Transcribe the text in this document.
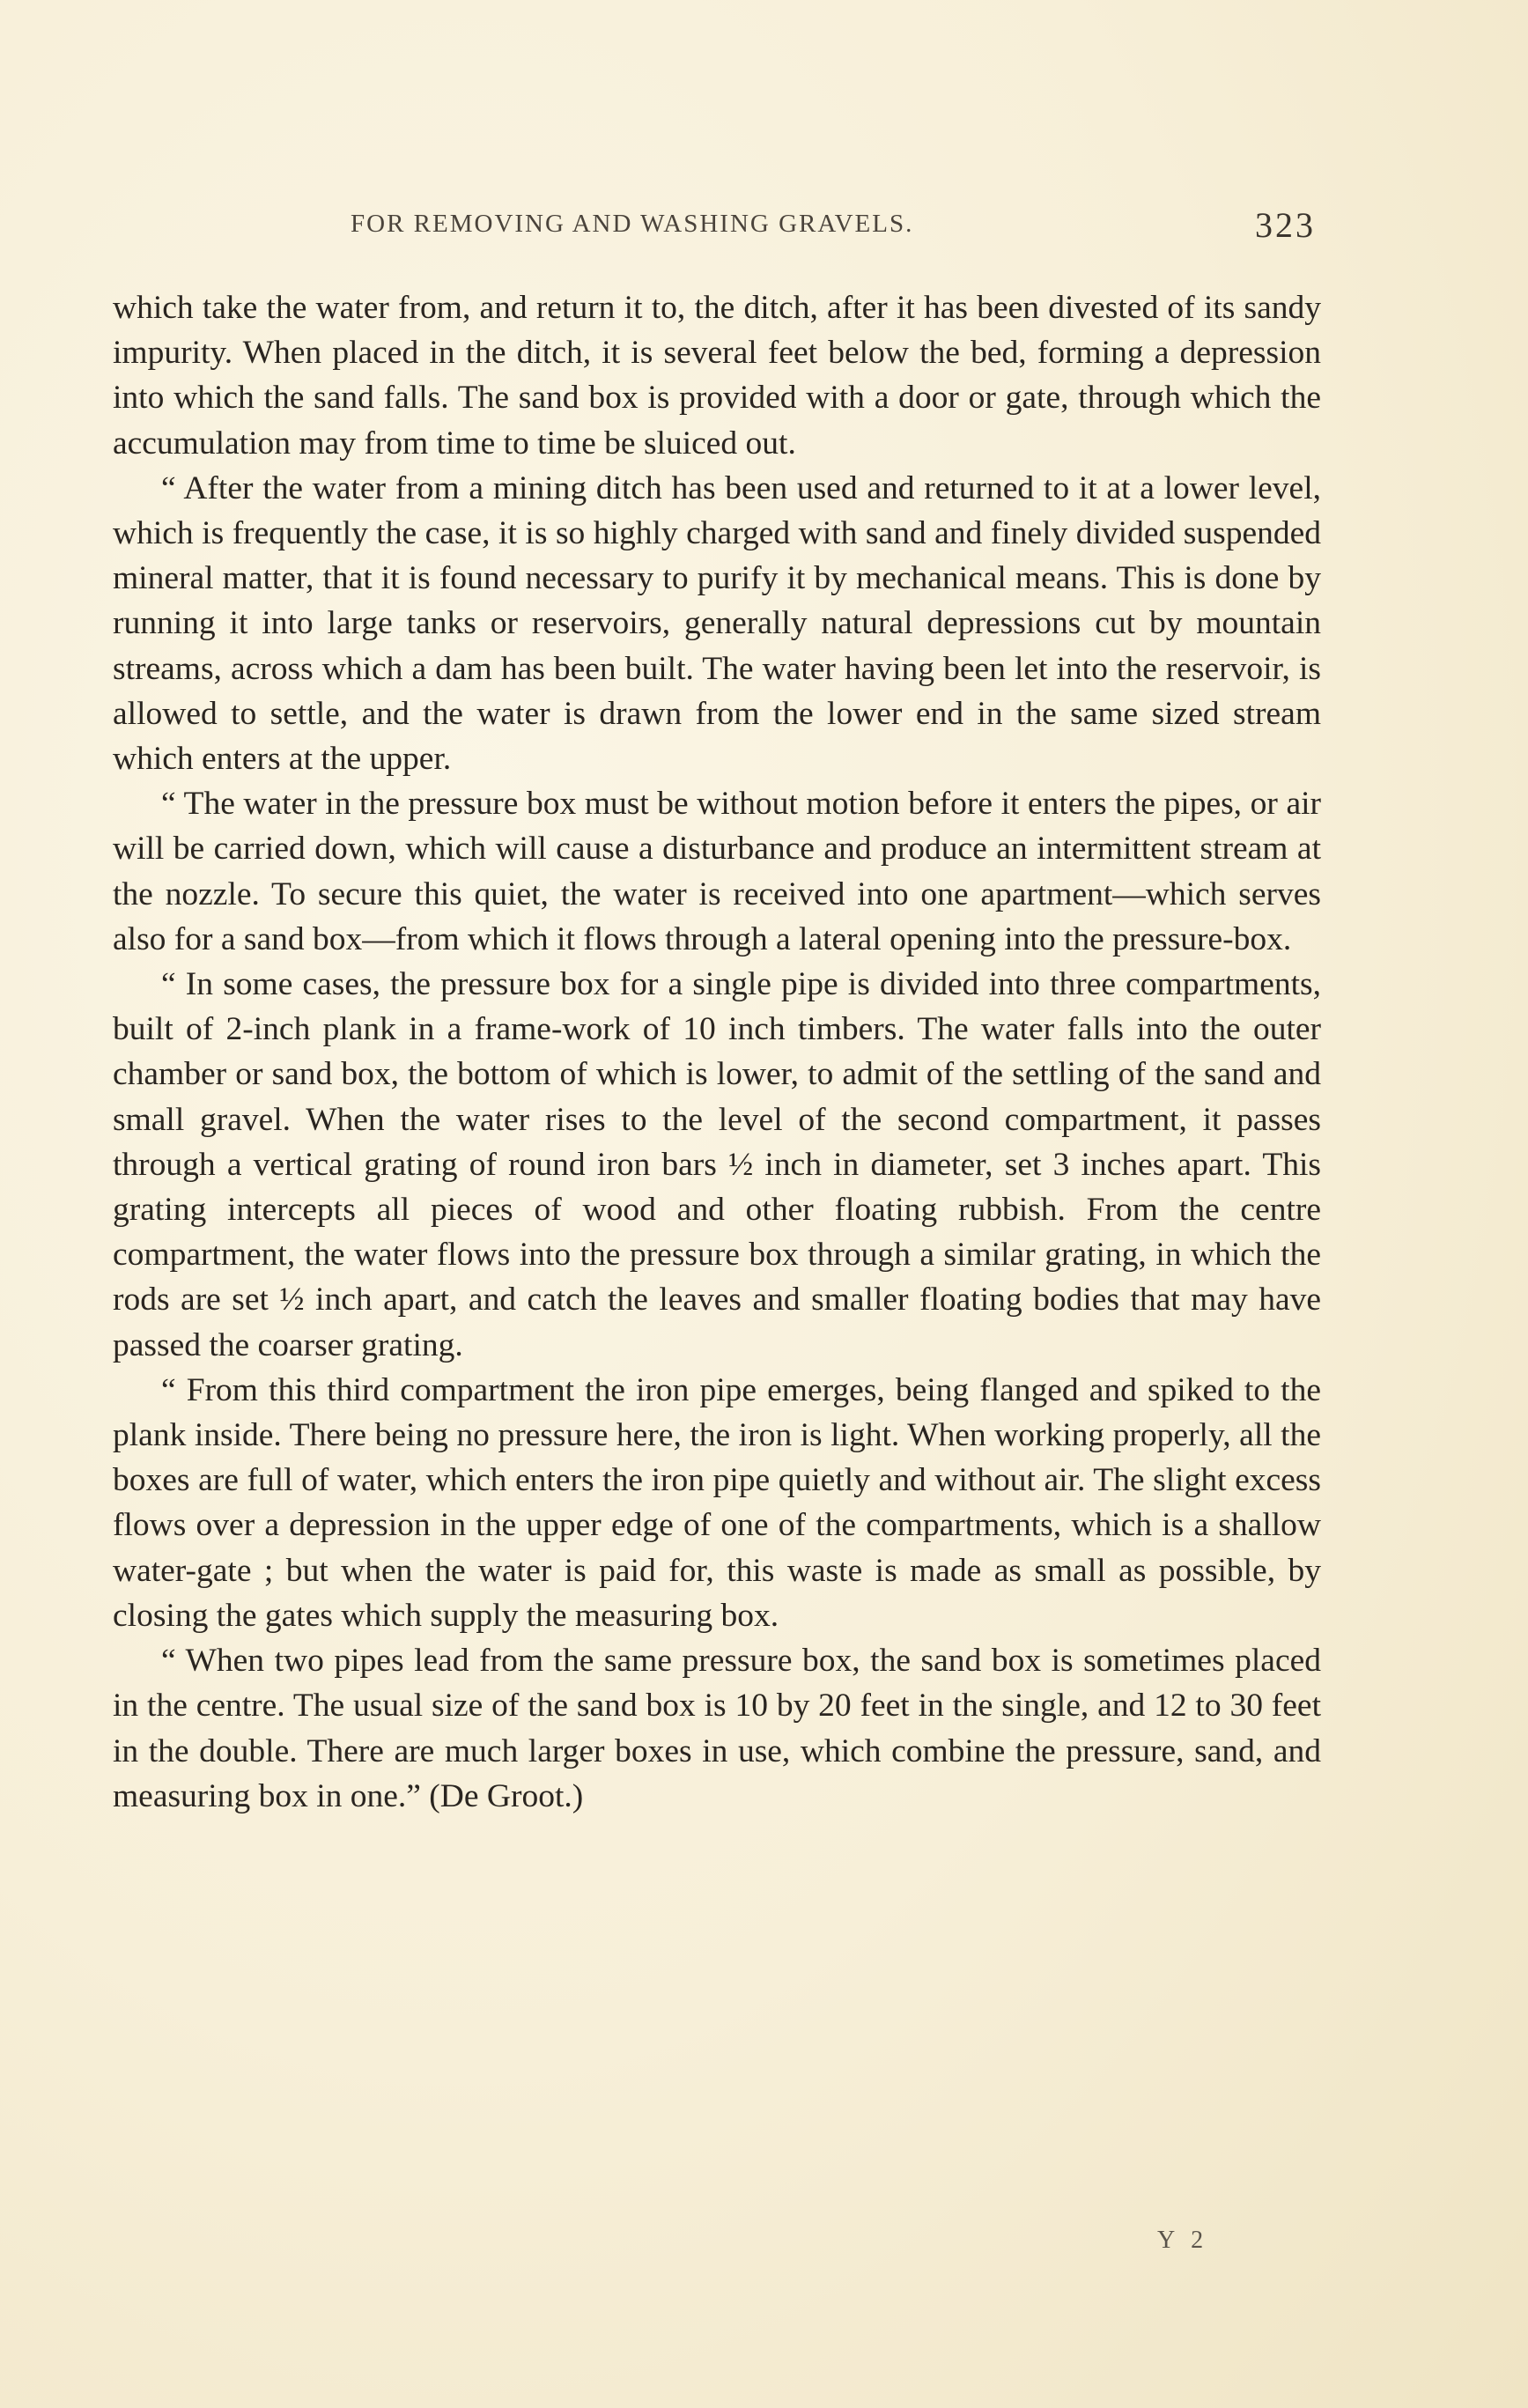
FOR REMOVING AND WASHING GRAVELS.	323

which take the water from, and return it to, the ditch, after it has been divested of its sandy impurity. When placed in the ditch, it is several feet below the bed, forming a depression into which the sand falls. The sand box is provided with a door or gate, through which the accumulation may from time to time be sluiced out.

“ After the water from a mining ditch has been used and returned to it at a lower level, which is frequently the case, it is so highly charged with sand and finely divided suspended mineral matter, that it is found necessary to purify it by mechanical means. This is done by running it into large tanks or reservoirs, generally natural depressions cut by mountain streams, across which a dam has been built. The water having been let into the reservoir, is allowed to settle, and the water is drawn from the lower end in the same sized stream which enters at the upper.

“ The water in the pressure box must be without motion before it enters the pipes, or air will be carried down, which will cause a disturbance and produce an intermittent stream at the nozzle. To secure this quiet, the water is received into one apartment—which serves also for a sand box—from which it flows through a lateral opening into the pressure-box.

“ In some cases, the pressure box for a single pipe is divided into three compartments, built of 2-inch plank in a frame-work of 10 inch timbers. The water falls into the outer chamber or sand box, the bottom of which is lower, to admit of the settling of the sand and small gravel. When the water rises to the level of the second compartment, it passes through a vertical grating of round iron bars ½ inch in diameter, set 3 inches apart. This grating intercepts all pieces of wood and other floating rubbish. From the centre compartment, the water flows into the pressure box through a similar grating, in which the rods are set ½ inch apart, and catch the leaves and smaller floating bodies that may have passed the coarser grating.

“ From this third compartment the iron pipe emerges, being flanged and spiked to the plank inside. There being no pressure here, the iron is light. When working properly, all the boxes are full of water, which enters the iron pipe quietly and without air. The slight excess flows over a depression in the upper edge of one of the compartments, which is a shallow water-gate ; but when the water is paid for, this waste is made as small as possible, by closing the gates which supply the measuring box.

“ When two pipes lead from the same pressure box, the sand box is sometimes placed in the centre. The usual size of the sand box is 10 by 20 feet in the single, and 12 to 30 feet in the double. There are much larger boxes in use, which combine the pressure, sand, and measuring box in one.” (De Groot.)

Y 2
